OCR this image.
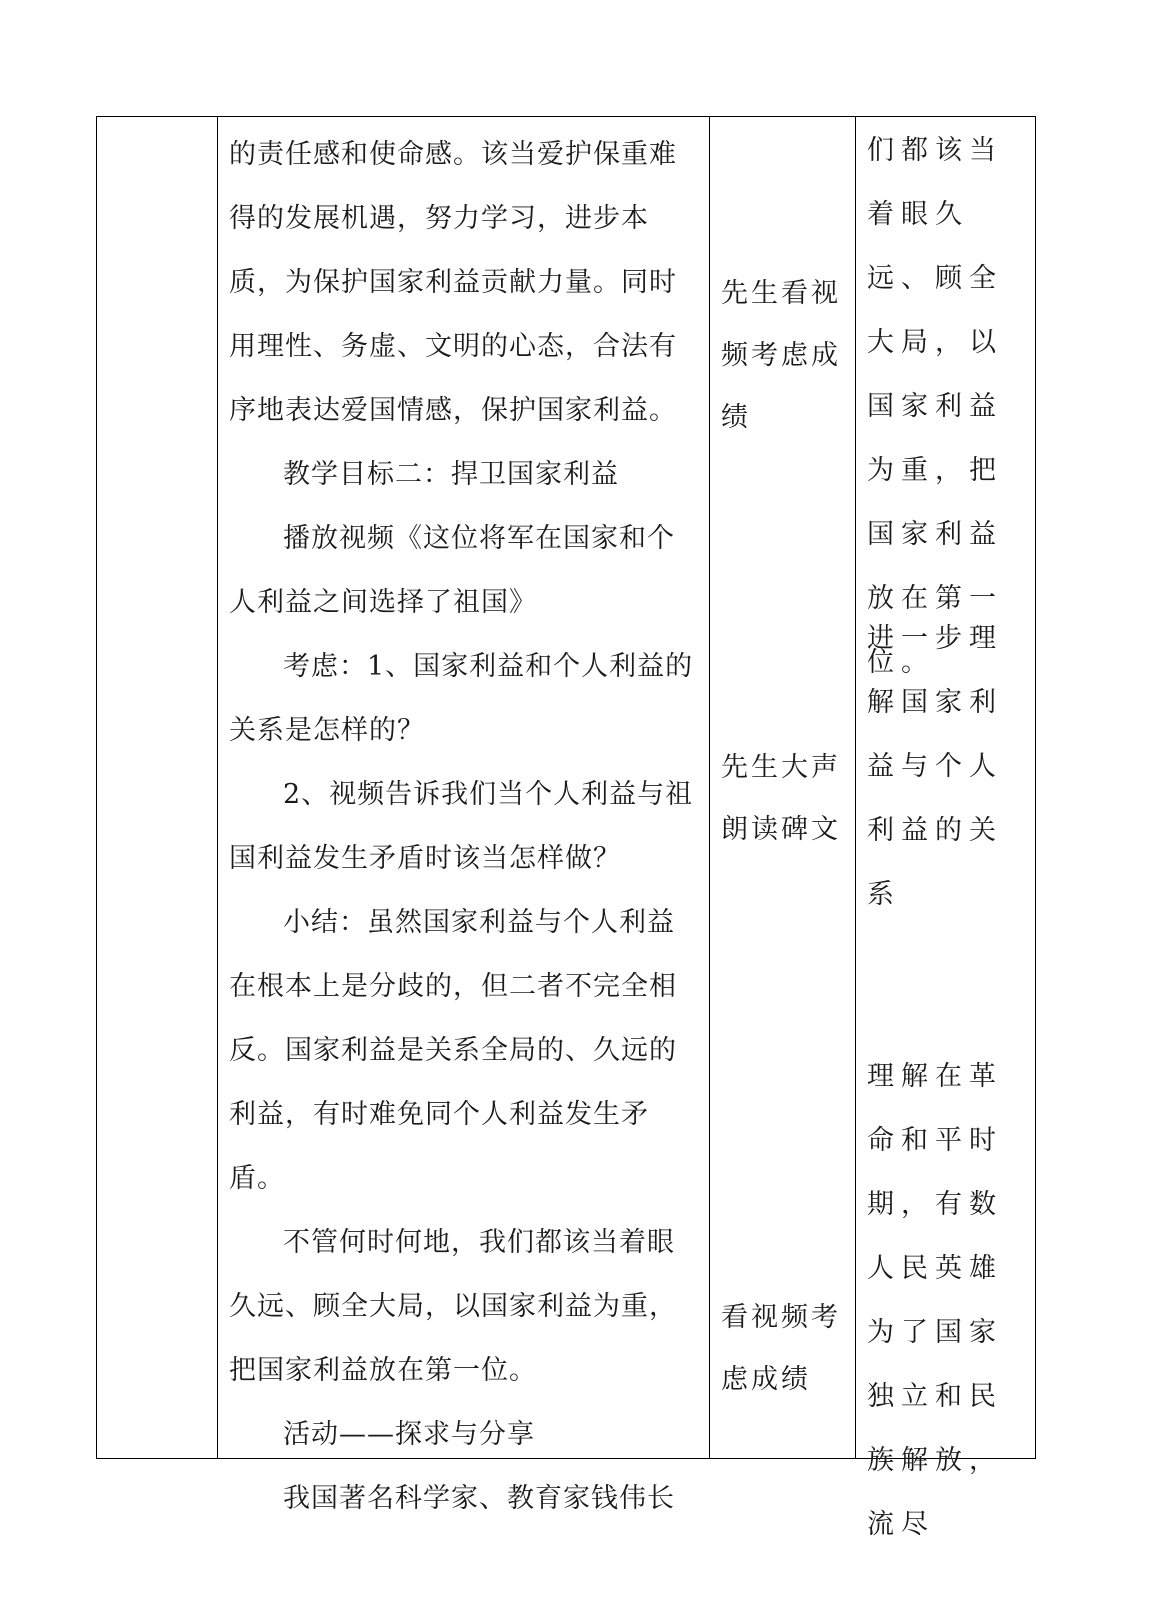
的责任感和使命感。该当爱护保重难得的发展机遇，努力学习，进步本质，为保护国家利益贡献力量。同时用理性、务虚、文明的心态，合法有序地表达爱国情感，保护国家利益。

教学目标二：捍卫国家利益

播放视频《这位将军在国家和个人利益之间选择了祖国》

考虑：1、国家利益和个人利益的关系是怎样的？

2、视频告诉我们当个人利益与祖国利益发生矛盾时该当怎样做？

小结：虽然国家利益与个人利益在根本上是分歧的，但二者不完全相反。国家利益是关系全局的、久远的利益，有时难免同个人利益发生矛盾。

不管何时何地，我们都该当着眼久远、顾全大局，以国家利益为重，把国家利益放在第一位。

活动——探求与分享

我国著名科学家、教育家钱伟长

先生看视频考虑成绩
先生大声朗读碑文
看视频考虑成绩
们都该当着眼久远、顾全大局，以国家利益为重，把国家利益放在第一位。
进一步理解国家利益与个人利益的关系
理解在革命和平时期，有数人民英雄为了国家独立和民族解放，流尽
